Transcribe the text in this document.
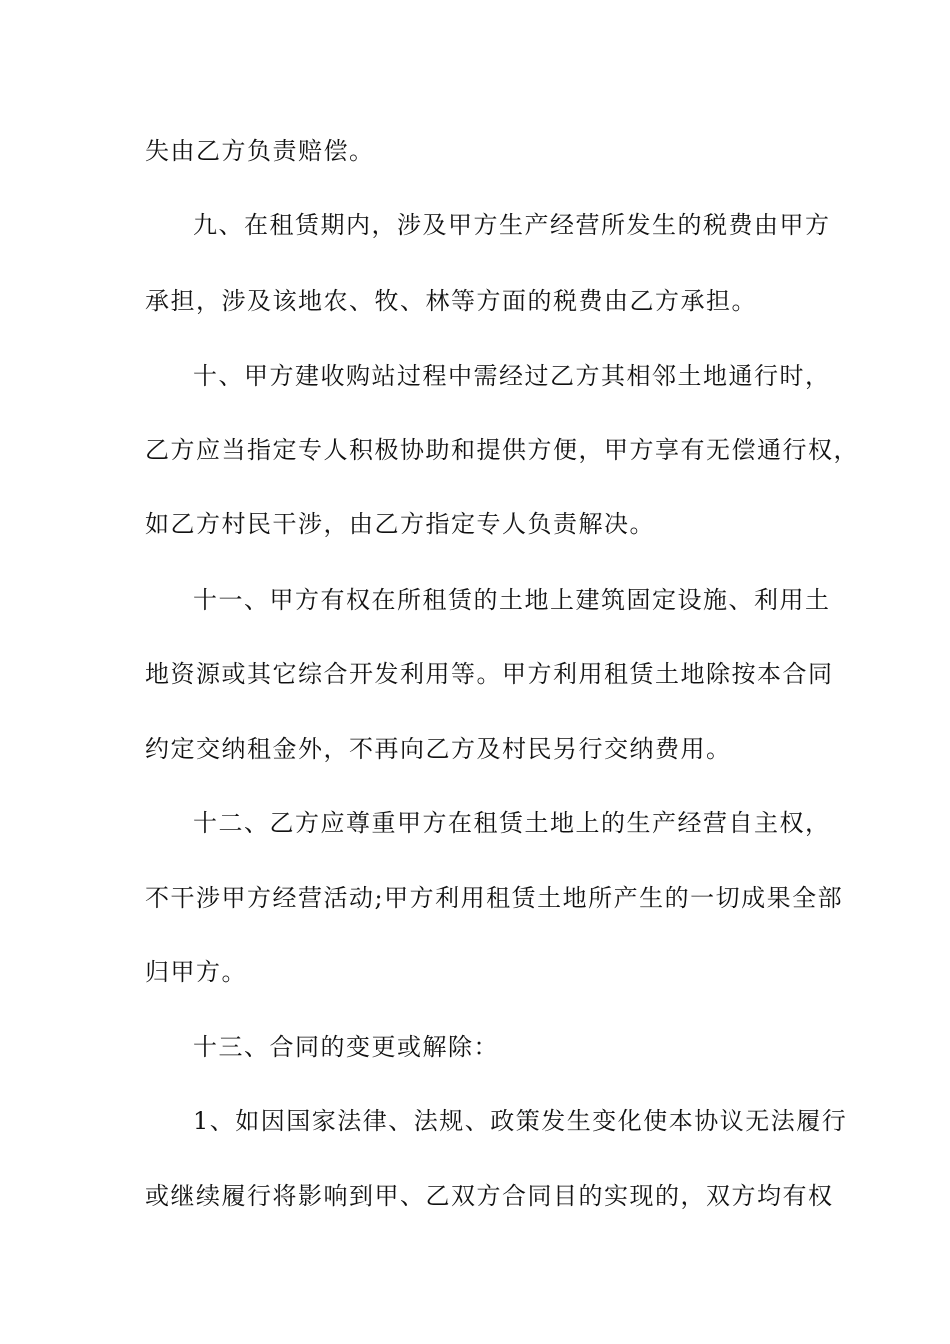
失由乙方负责赔偿。
九、在租赁期内，涉及甲方生产经营所发生的税费由甲方
承担，涉及该地农、牧、林等方面的税费由乙方承担。
十、甲方建收购站过程中需经过乙方其相邻土地通行时，
乙方应当指定专人积极协助和提供方便，甲方享有无偿通行权，
如乙方村民干涉，由乙方指定专人负责解决。
十一、甲方有权在所租赁的土地上建筑固定设施、利用土
地资源或其它综合开发利用等。甲方利用租赁土地除按本合同
约定交纳租金外，不再向乙方及村民另行交纳费用。
十二、乙方应尊重甲方在租赁土地上的生产经营自主权，
不干涉甲方经营活动;甲方利用租赁土地所产生的一切成果全部
归甲方。
十三、合同的变更或解除：
1、如因国家法律、法规、政策发生变化使本协议无法履行
或继续履行将影响到甲、乙双方合同目的实现的，双方均有权
